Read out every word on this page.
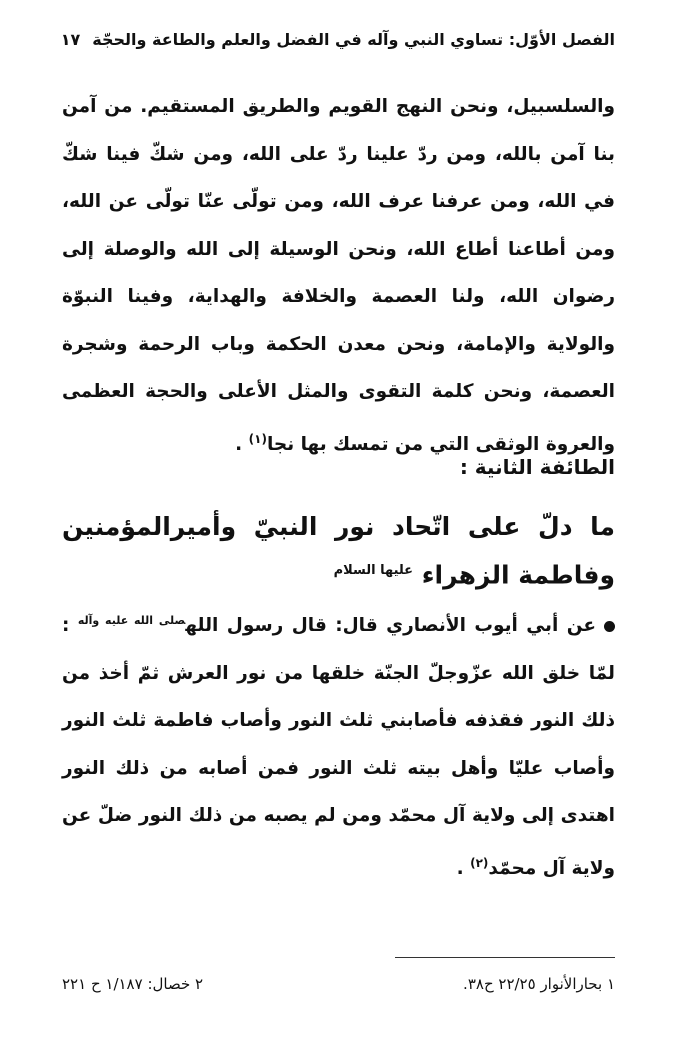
الفصل الأوّل: تساوي النبي وآله في الفضل والعلم والطاعة والحجّة
١٧

والسلسبيل، ونحن النهج القويم والطريق المستقيم. من آمن بنا آمن بالله، ومن ردّ علينا ردّ على الله، ومن شكّ فينا شكّ في الله، ومن عرفنا عرف الله، ومن تولّى عنّا تولّى عن الله، ومن أطاعنا أطاع الله، ونحن الوسيلة إلى الله والوصلة إلى رضوان الله، ولنا العصمة والخلافة والهداية، وفينا النبوّة والولاية والإمامة، ونحن معدن الحكمة وباب الرحمة وشجرة العصمة، ونحن كلمة التقوى والمثل الأعلى والحجة العظمى والعروة الوثقى التي من تمسك بها نجا$^{(١)}$ .

الطائفة الثانية :
ما دلّ على اتّحاد نور النبيّ وأميرالمؤمنين وفاطمة الزهراء $^{عليها السلام}$

عن أبي أيوب الأنصاري قال: قال رسول الله$^{صلى الله عليه وآله}$ : لمّا خلق الله عزّوجلّ الجنّة خلقها من نور العرش ثمّ أخذ من ذلك النور فقذفه فأصابني ثلث النور وأصاب فاطمة ثلث النور وأصاب عليّا وأهل بيته ثلث النور فمن أصابه من ذلك النور اهتدى إلى ولاية آل محمّد ومن لم يصبه من ذلك النور ضلّ عن ولاية آل محمّد$^{(٢)}$ .

١ بحارالأنوار ٢٢/٢٥ ح٣٨.
٢ خصال: ١/١٨٧ ح ٢٢١
